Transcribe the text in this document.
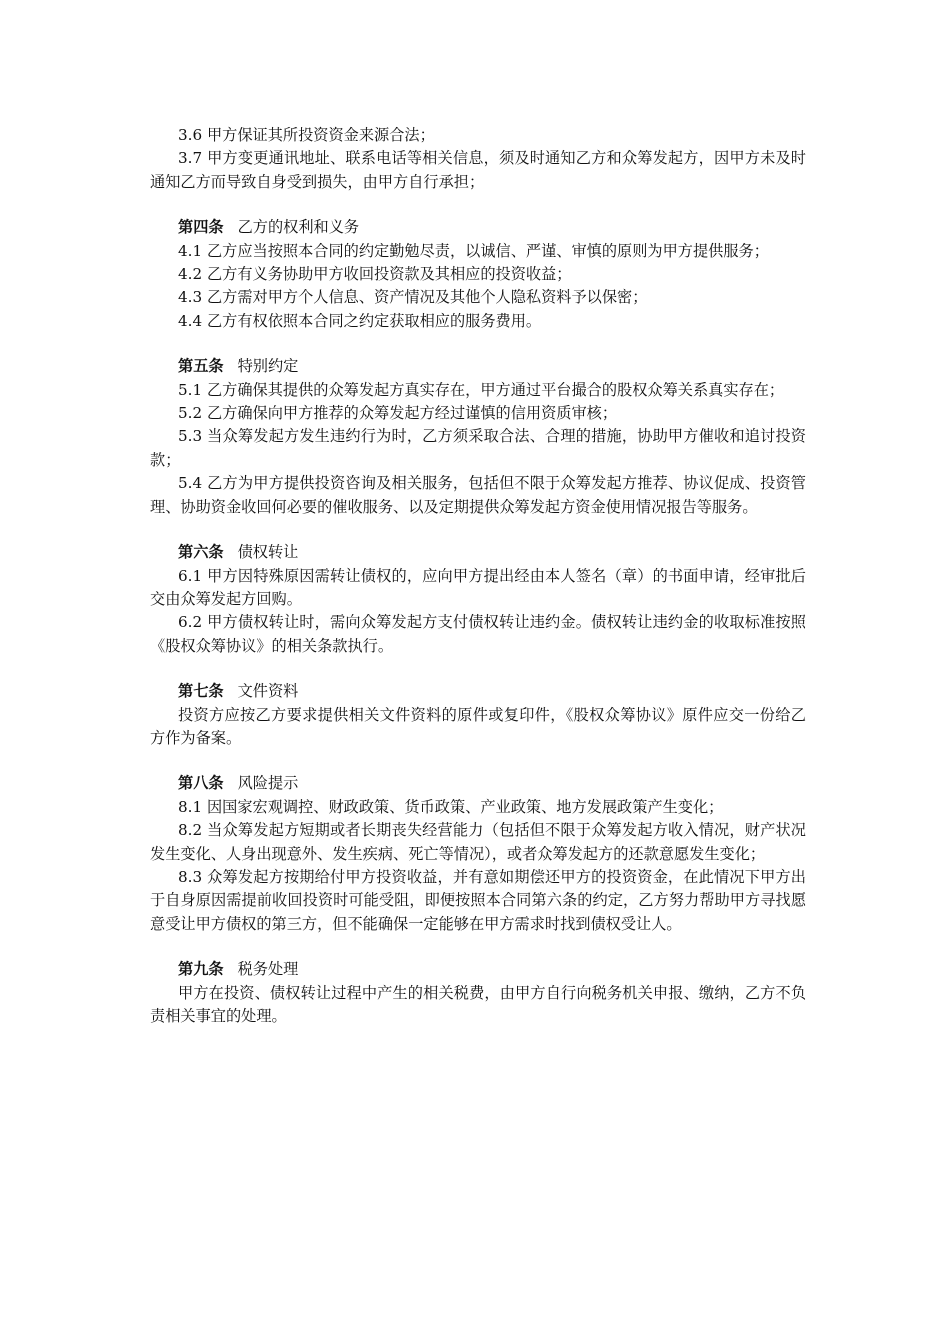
3.6 甲方保证其所投资资金来源合法；

3.7 甲方变更通讯地址、联系电话等相关信息，须及时通知乙方和众筹发起方，因甲方未及时通知乙方而导致自身受到损失，由甲方自行承担；

第四条 乙方的权利和义务

4.1 乙方应当按照本合同的约定勤勉尽责，以诚信、严谨、审慎的原则为甲方提供服务；

4.2 乙方有义务协助甲方收回投资款及其相应的投资收益；

4.3 乙方需对甲方个人信息、资产情况及其他个人隐私资料予以保密；

4.4 乙方有权依照本合同之约定获取相应的服务费用。

第五条 特别约定

5.1 乙方确保其提供的众筹发起方真实存在，甲方通过平台撮合的股权众筹关系真实存在；

5.2 乙方确保向甲方推荐的众筹发起方经过谨慎的信用资质审核；

5.3 当众筹发起方发生违约行为时，乙方须采取合法、合理的措施，协助甲方催收和追讨投资款；

5.4 乙方为甲方提供投资咨询及相关服务，包括但不限于众筹发起方推荐、协议促成、投资管理、协助资金收回何必要的催收服务、以及定期提供众筹发起方资金使用情况报告等服务。

第六条 债权转让

6.1 甲方因特殊原因需转让债权的，应向甲方提出经由本人签名（章）的书面申请，经审批后交由众筹发起方回购。

6.2 甲方债权转让时，需向众筹发起方支付债权转让违约金。债权转让违约金的收取标准按照《股权众筹协议》的相关条款执行。

第七条 文件资料

投资方应按乙方要求提供相关文件资料的原件或复印件，《股权众筹协议》原件应交一份给乙方作为备案。

第八条 风险提示

8.1 因国家宏观调控、财政政策、货币政策、产业政策、地方发展政策产生变化；

8.2 当众筹发起方短期或者长期丧失经营能力（包括但不限于众筹发起方收入情况，财产状况发生变化、人身出现意外、发生疾病、死亡等情况），或者众筹发起方的还款意愿发生变化；

8.3 众筹发起方按期给付甲方投资收益，并有意如期偿还甲方的投资资金，在此情况下甲方出于自身原因需提前收回投资时可能受阻，即便按照本合同第六条的约定，乙方努力帮助甲方寻找愿意受让甲方债权的第三方，但不能确保一定能够在甲方需求时找到债权受让人。

第九条 税务处理

甲方在投资、债权转让过程中产生的相关税费，由甲方自行向税务机关申报、缴纳，乙方不负责相关事宜的处理。
